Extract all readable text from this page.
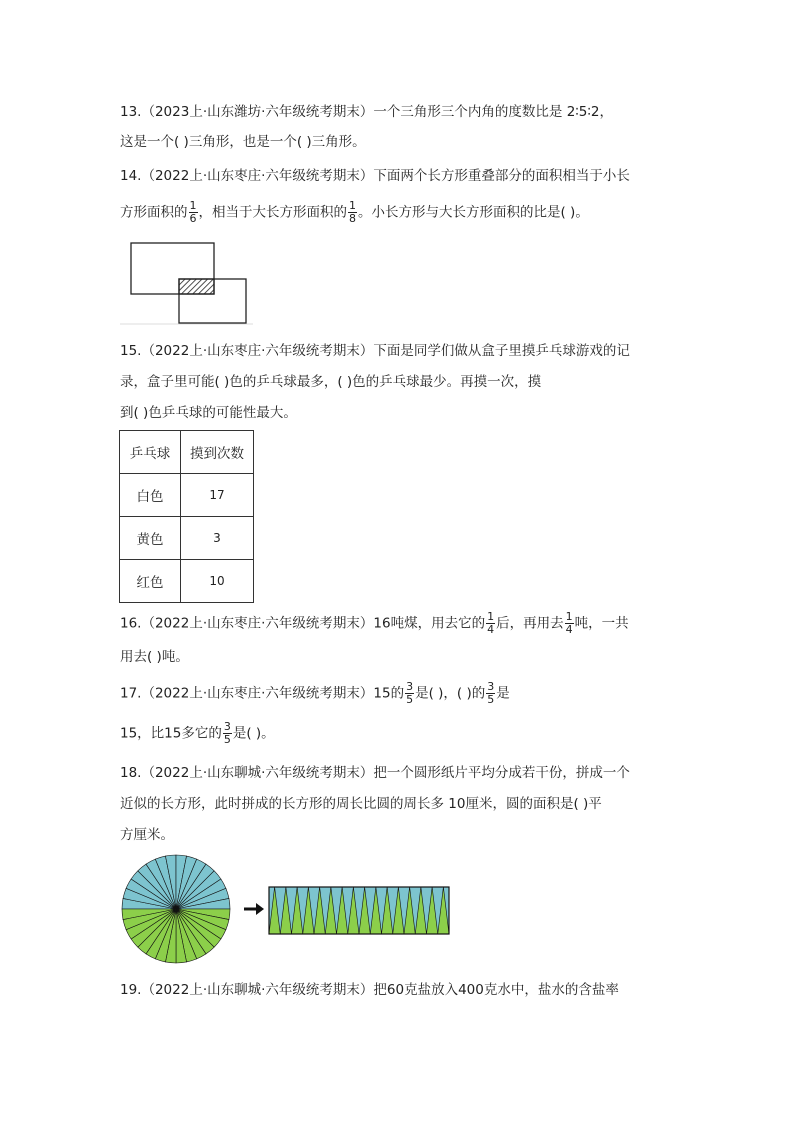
13.（2023上·山东潍坊·六年级统考期末）一个三角形三个内角的度数比是 2∶5∶2，
这是一个( )三角形，也是一个( )三角形。
14.（2022上·山东枣庄·六年级统考期末）下面两个长方形重叠部分的面积相当于小长
方形面积的 $\frac{1}{6}$ ，相当于大长方形面积的 $\frac{1}{8}$ 。小长方形与大长方形面积的比是( )。
15.（2022上·山东枣庄·六年级统考期末）下面是同学们做从盒子里摸乒乓球游戏的记
录，盒子里可能( )色的乒乓球最多，( )色的乒乓球最少。再摸一次，摸
到( )色乒乓球的可能性最大。
乒乓球	摸到次数
白色	17
黄色	3
红色	10
16.（2022上·山东枣庄·六年级统考期末）16吨煤，用去它的 $\frac{1}{4}$ 后，再用去 $\frac{1}{4}$ 吨，一共
用去( )吨。
17.（2022上·山东枣庄·六年级统考期末）15的 $\frac{3}{5}$ 是( )，( )的 $\frac{3}{5}$ 是
15，比15多它的 $\frac{3}{5}$ 是( )。
18.（2022上·山东聊城·六年级统考期末）把一个圆形纸片平均分成若干份，拼成一个
近似的长方形，此时拼成的长方形的周长比圆的周长多 10厘米，圆的面积是( )平
方厘米。
19.（2022上·山东聊城·六年级统考期末）把60克盐放入400克水中，盐水的含盐率
